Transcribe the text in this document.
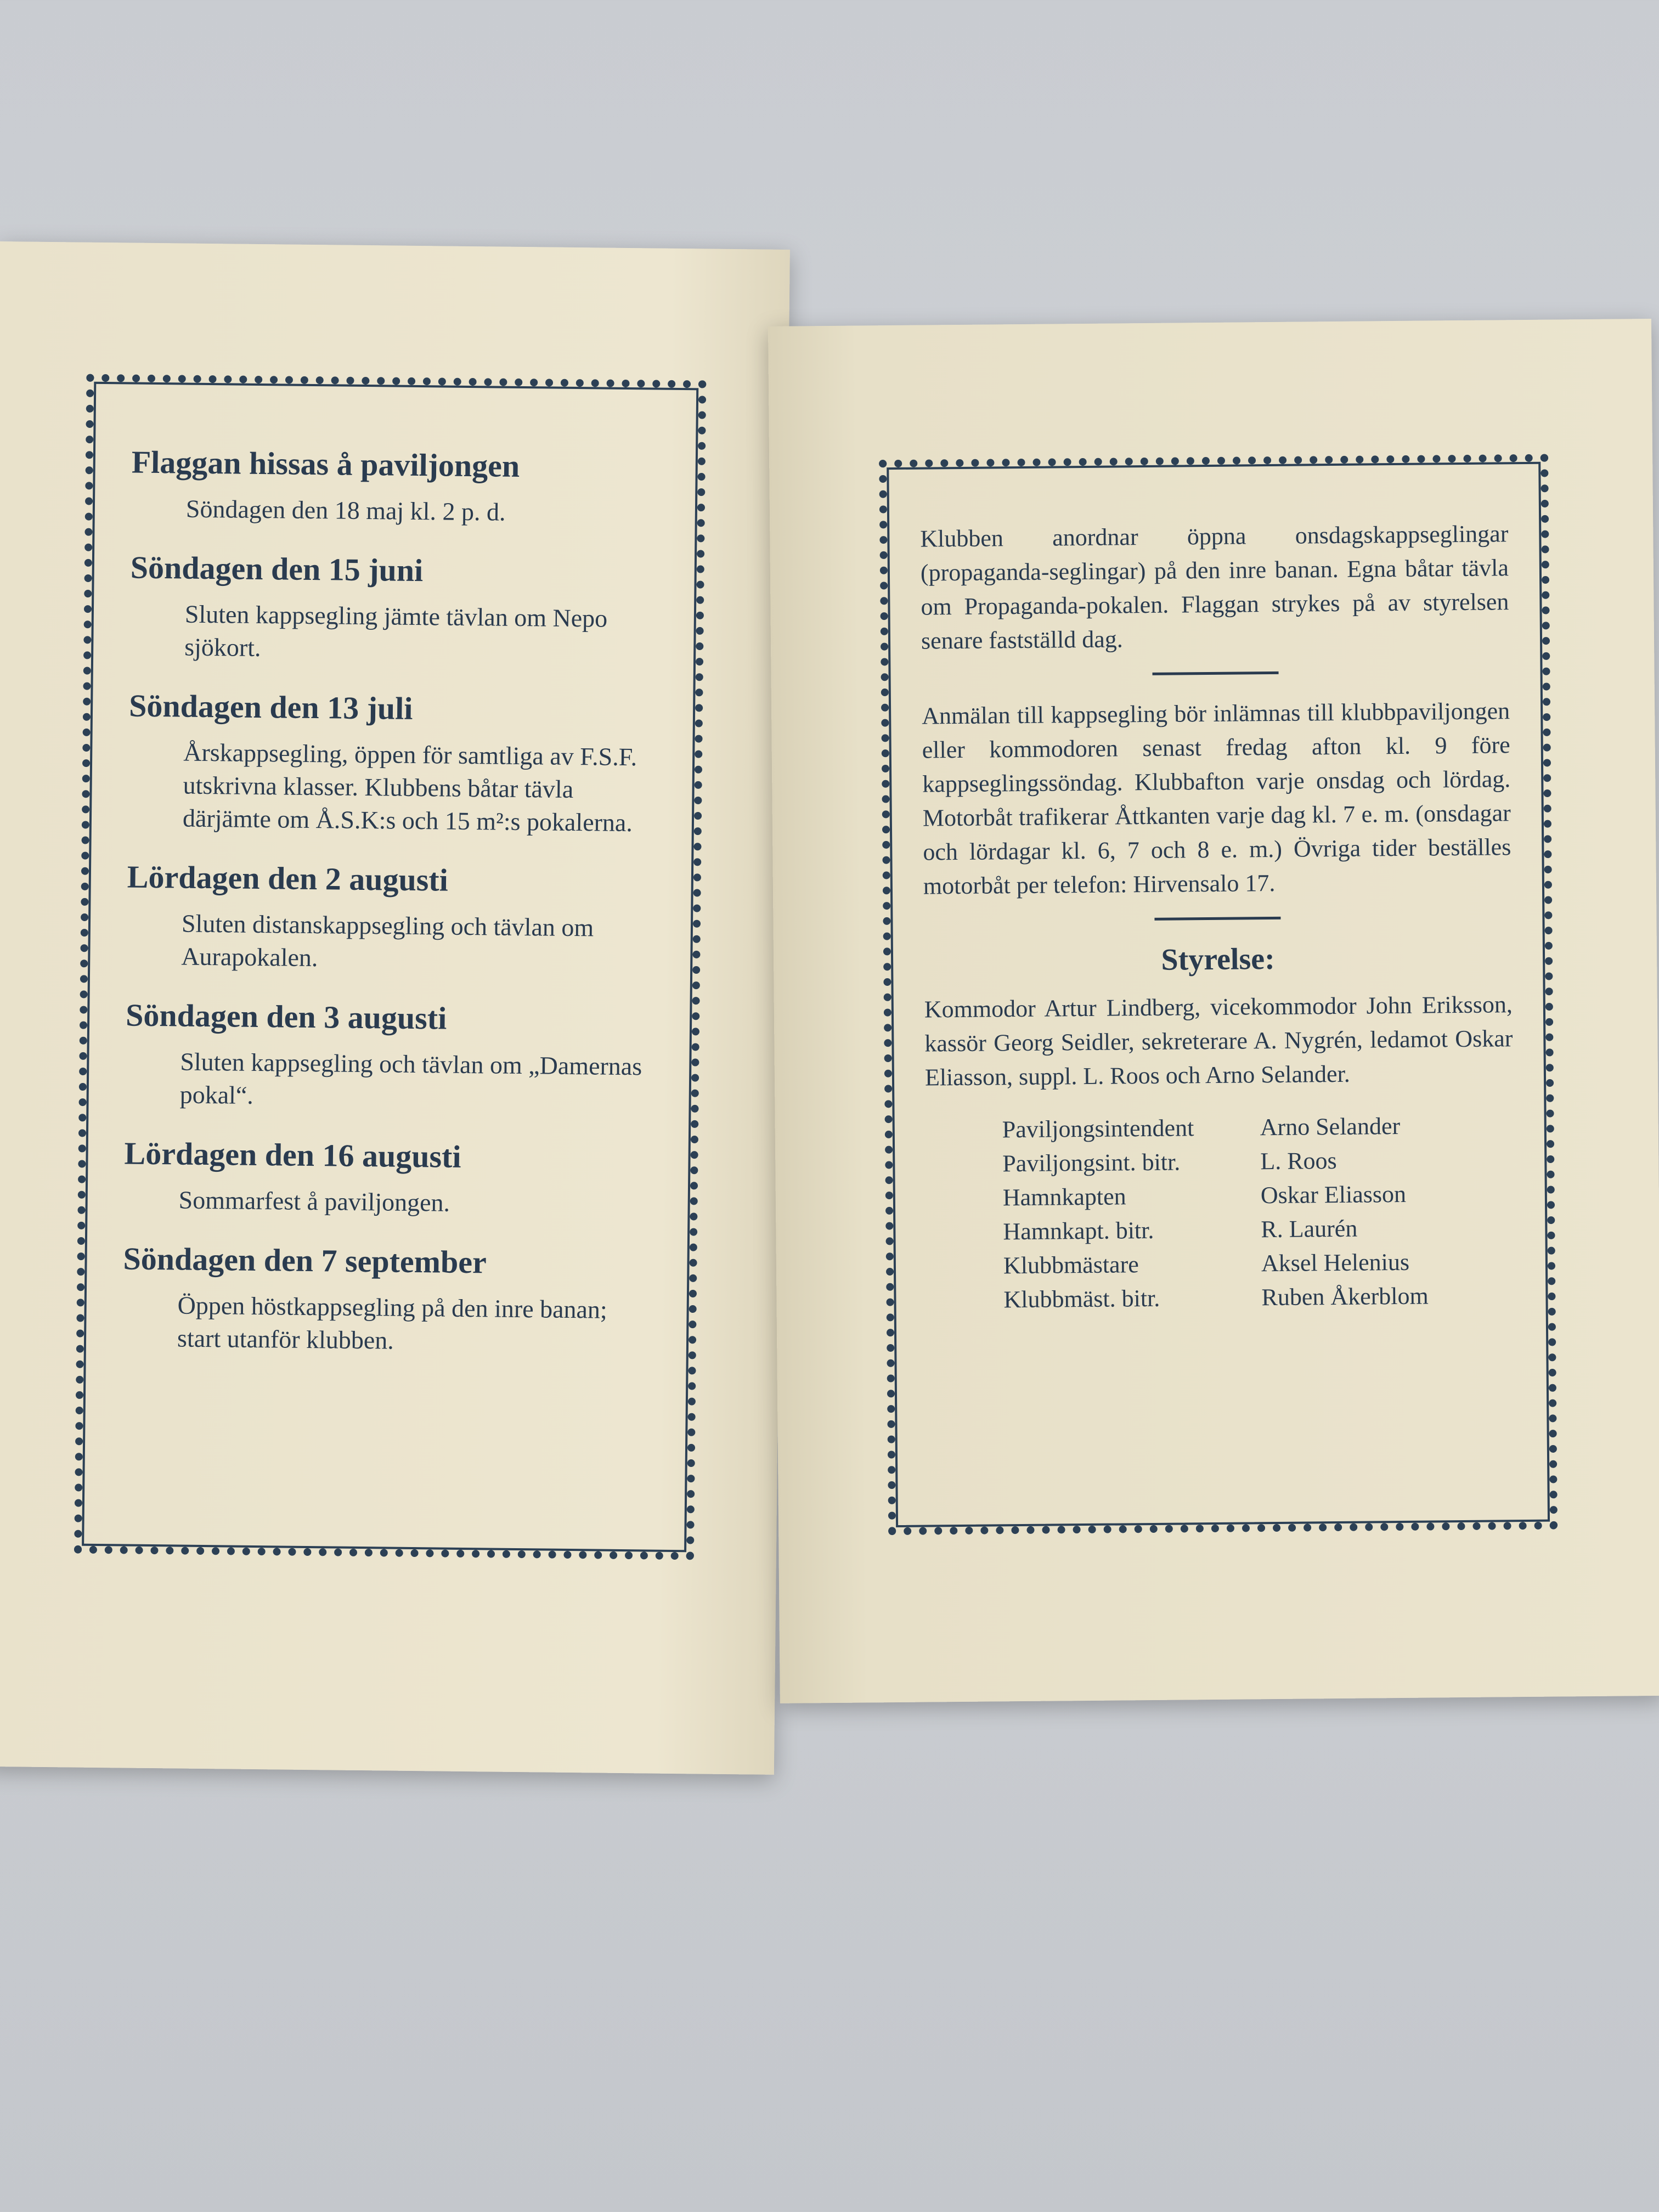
Flaggan hissas å paviljongen
Söndagen den 18 maj kl. 2 p. d.
Söndagen den 15 juni
Sluten kappsegling jämte tävlan om Nepo sjökort.
Söndagen den 13 juli
Årskappsegling, öppen för samtliga av F.S.F. utskrivna klasser. Klubbens båtar tävla därjämte om Å.S.K:s och 15 m²:s pokalerna.
Lördagen den 2 augusti
Sluten distanskappsegling och tävlan om Aurapokalen.
Söndagen den 3 augusti
Sluten kappsegling och tävlan om „Damernas pokal“.
Lördagen den 16 augusti
Sommarfest å paviljongen.
Söndagen den 7 september
Öppen höstkappsegling på den inre banan; start utanför klubben.

Klubben anordnar öppna onsdagskappseglingar (propaganda-seglingar) på den inre banan. Egna båtar tävla om Propaganda-pokalen. Flaggan strykes på av styrelsen senare fastställd dag.

Anmälan till kappsegling bör inlämnas till klubbpaviljongen eller kommodoren senast fredag afton kl. 9 före kappseglingssöndag. Klubbafton varje onsdag och lördag. Motorbåt trafikerar Åttkanten varje dag kl. 7 e. m. (onsdagar och lördagar kl. 6, 7 och 8 e. m.) Övriga tider beställes motorbåt per telefon: Hirvensalo 17.

Styrelse:

Kommodor Artur Lindberg, vicekommodor John Eriksson, kassör Georg Seidler, sekreterare A. Nygrén, ledamot Oskar Eliasson, suppl. L. Roos och Arno Selander.

Paviljongsintendent	Arno Selander
Paviljongsint. bitr.	L. Roos
Hamnkapten	Oskar Eliasson
Hamnkapt. bitr.	R. Laurén
Klubbmästare	Aksel Helenius
Klubbmäst. bitr.	Ruben Åkerblom
